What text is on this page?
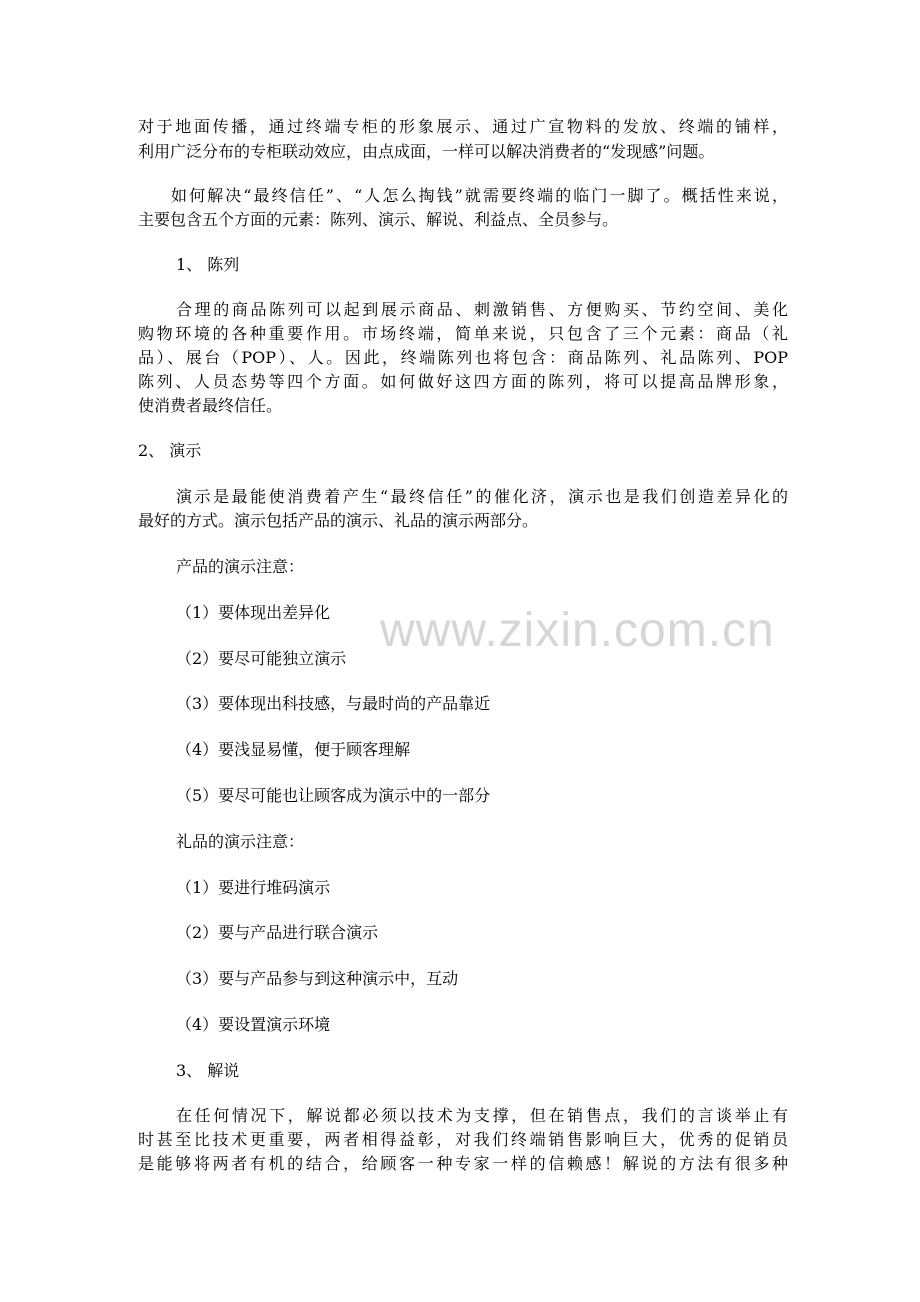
www.zixin.com.cn
对于地面传播，通过终端专柜的形象展示、通过广宣物料的发放、终端的铺样，
利用广泛分布的专柜联动效应，由点成面，一样可以解决消费者的“发现感”问题。
如何解决“最终信任”、“人怎么掏钱”就需要终端的临门一脚了。概括性来说，
主要包含五个方面的元素：陈列、演示、解说、利益点、全员参与。
1、 陈列
合理的商品陈列可以起到展示商品、刺激销售、方便购买、节约空间、美化
购物环境的各种重要作用。市场终端，简单来说，只包含了三个元素：商品（礼
品）、展台（POP）、人。因此，终端陈列也将包含：商品陈列、礼品陈列、POP
陈列、人员态势等四个方面。如何做好这四方面的陈列，将可以提高品牌形象，
使消费者最终信任。
2、 演示
演示是最能使消费着产生“最终信任”的催化济，演示也是我们创造差异化的
最好的方式。演示包括产品的演示、礼品的演示两部分。
产品的演示注意：
（1）要体现出差异化
（2）要尽可能独立演示
（3）要体现出科技感，与最时尚的产品靠近
（4）要浅显易懂，便于顾客理解
（5）要尽可能也让顾客成为演示中的一部分
礼品的演示注意：
（1）要进行堆码演示
（2）要与产品进行联合演示
（3）要与产品参与到这种演示中，互动
（4）要设置演示环境
3、 解说
在任何情况下，解说都必须以技术为支撑，但在销售点，我们的言谈举止有
时甚至比技术更重要，两者相得益彰，对我们终端销售影响巨大，优秀的促销员
是能够将两者有机的结合，给顾客一种专家一样的信赖感！解说的方法有很多种
